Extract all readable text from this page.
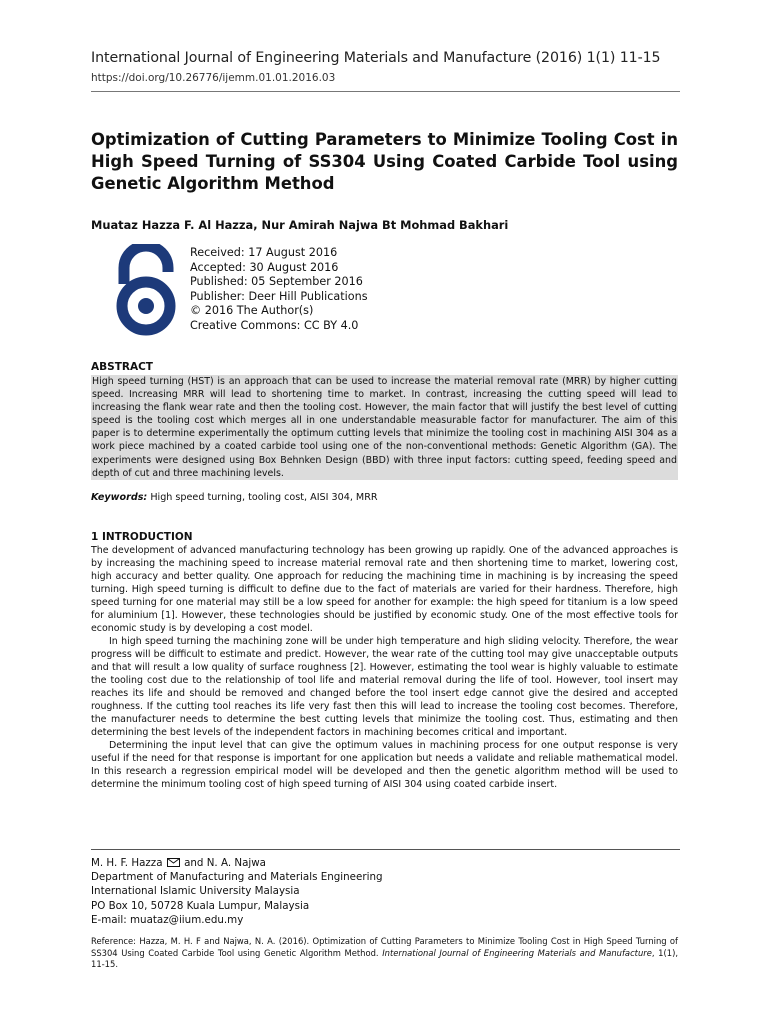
International Journal of Engineering Materials and Manufacture (2016) 1(1) 11-15
https://doi.org/10.26776/ijemm.01.01.2016.03
Optimization of Cutting Parameters to Minimize Tooling Cost in High Speed Turning of SS304 Using Coated Carbide Tool using Genetic Algorithm Method
Muataz Hazza F. Al Hazza, Nur Amirah Najwa Bt Mohmad Bakhari
Received: 17 August 2016
Accepted: 30 August 2016
Published: 05 September 2016
Publisher: Deer Hill Publications
© 2016 The Author(s)
Creative Commons: CC BY 4.0
ABSTRACT
High speed turning (HST) is an approach that can be used to increase the material removal rate (MRR) by higher cutting speed. Increasing MRR will lead to shortening time to market. In contrast, increasing the cutting speed will lead to increasing the flank wear rate and then the tooling cost. However, the main factor that will justify the best level of cutting speed is the tooling cost which merges all in one understandable measurable factor for manufacturer. The aim of this paper is to determine experimentally the optimum cutting levels that minimize the tooling cost in machining AISI 304 as a work piece machined by a coated carbide tool using one of the non-conventional methods: Genetic Algorithm (GA). The experiments were designed using Box Behnken Design (BBD) with three input factors: cutting speed, feeding speed and depth of cut and three machining levels.
Keywords: High speed turning, tooling cost, AISI 304, MRR
1 INTRODUCTION

The development of advanced manufacturing technology has been growing up rapidly. One of the advanced approaches is by increasing the machining speed to increase material removal rate and then shortening time to market, lowering cost, high accuracy and better quality. One approach for reducing the machining time in machining is by increasing the speed turning. High speed turning is difficult to define due to the fact of materials are varied for their hardness. Therefore, high speed turning for one material may still be a low speed for another for example: the high speed for titanium is a low speed for aluminium [1]. However, these technologies should be justified by economic study. One of the most effective tools for economic study is by developing a cost model.

In high speed turning the machining zone will be under high temperature and high sliding velocity. Therefore, the wear progress will be difficult to estimate and predict. However, the wear rate of the cutting tool may give unacceptable outputs and that will result a low quality of surface roughness [2]. However, estimating the tool wear is highly valuable to estimate the tooling cost due to the relationship of tool life and material removal during the life of tool. However, tool insert may reaches its life and should be removed and changed before the tool insert edge cannot give the desired and accepted roughness. If the cutting tool reaches its life very fast then this will lead to increase the tooling cost becomes. Therefore, the manufacturer needs to determine the best cutting levels that minimize the tooling cost. Thus, estimating and then determining the best levels of the independent factors in machining becomes critical and important.

Determining the input level that can give the optimum values in machining process for one output response is very useful if the need for that response is important for one application but needs a validate and reliable mathematical model. In this research a regression empirical model will be developed and then the genetic algorithm method will be used to determine the minimum tooling cost of high speed turning of AISI 304 using coated carbide insert.

M. H. F. Hazza  and N. A. Najwa
Department of Manufacturing and Materials Engineering
International Islamic University Malaysia
PO Box 10, 50728 Kuala Lumpur, Malaysia
E-mail: muataz@iium.edu.my
Reference: Hazza, M. H. F and Najwa, N. A. (2016). Optimization of Cutting Parameters to Minimize Tooling Cost in High Speed Turning of SS304 Using Coated Carbide Tool using Genetic Algorithm Method. International Journal of Engineering Materials and Manufacture, 1(1), 11-15.
